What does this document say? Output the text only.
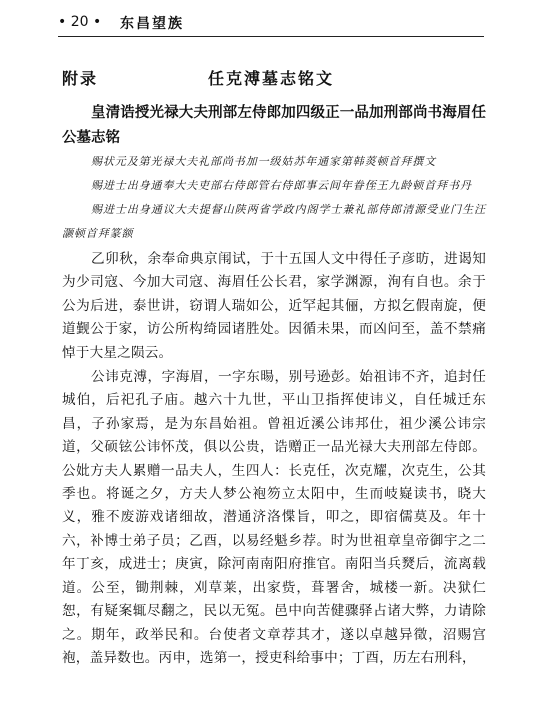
• 20 • 东昌望族
附录	任克溥墓志铭文

皇清诰授光禄大夫刑部左侍郎加四级正一品加刑部尚书海眉任公墓志铭

赐状元及第光禄大夫礼部尚书加一级姑苏年通家第韩菼顿首拜撰文

赐进士出身通奉大夫吏部右侍郎管右侍郎事云间年眷侄王九龄顿首拜书丹

赐进士出身通议大夫提督山陕两省学政内阁学士兼礼部侍郎清源受业门生汪灏顿首拜篆额

乙卯秋，余奉命典京闱试，于十五国人文中得任子彦昉，进谒知为少司寇、今加大司寇、海眉任公长君，家学渊源，洵有自也。余于公为后进，泰世讲，窃谓人瑞如公，近罕起其俪，方拟乞假南旋，便道觐公于家，访公所构绮园诸胜处。因循未果，而凶问至，盖不禁痛悼于大星之陨云。

公讳克溥，字海眉，一字东暘，别号逊彭。始祖讳不齐，追封任城伯，后祀孔子庙。越六十九世，平山卫指挥使讳义，自任城迁东昌，子孙家焉，是为东昌始祖。曾祖近溪公讳邦仕，祖少溪公讳宗道，父硕铉公讳怀茂，俱以公贵，诰赠正一品光禄大夫刑部左侍郎。公妣方夫人累赠一品夫人，生四人：长克任，次克耀，次克生，公其季也。将诞之夕，方夫人梦公袍笏立太阳中，生而岐嶷读书，晓大义，雅不废游戏诸细故，潜通济洛惵旨，叩之，即宿儒莫及。年十六，补博士弟子员；乙酉，以易经魁乡荐。时为世祖章皇帝御宇之二年丁亥，成进士；庚寅，除河南南阳府推官。南阳当兵燹后，流离载道。公至，锄荆棘，刈草莱，出家赀，葺署舍，城楼一新。决狱仁恕，有疑案辄尽翻之，民以无冤。邑中向苦健骤驿占诸大弊，力请除之。期年，政举民和。台使者文章荐其才，遂以卓越异徵，沼赐宫袍，盖异数也。丙申，选第一，授吏科给事中；丁酉，历左右刑科，
